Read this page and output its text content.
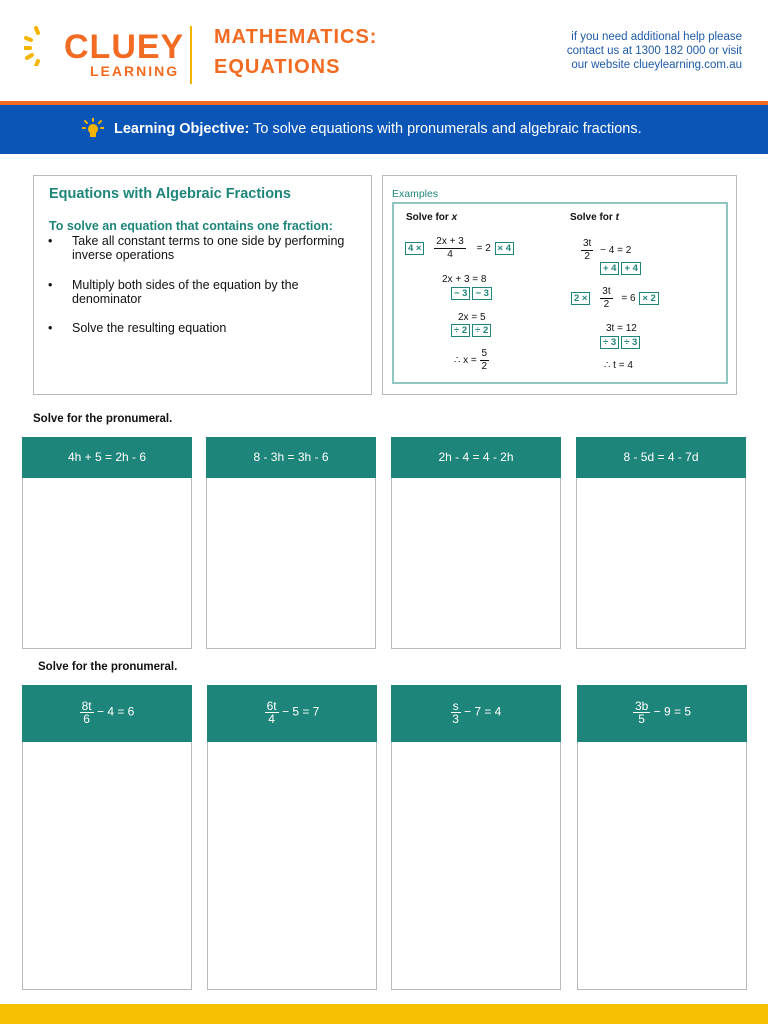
CLUEY
LEARNING
MATHEMATICS:
EQUATIONS
if you need additional help please
contact us at 1300 182 000 or visit
our website clueylearning.com.au
Learning Objective: To solve equations with pronumerals and algebraic fractions.
Equations with Algebraic Fractions
To solve an equation that contains one fraction:
• Take all constant terms to one side by performing inverse operations
• Multiply both sides of the equation by the denominator
• Solve the resulting equation
Examples
Solve for x
$4 \times \frac{2x + 3}{4} = 2 \times 4$
2x + 3 = 8
− 3 − 3
2x = 5
÷ 2 ÷ 2
∴ $x = \frac{5}{2}$
Solve for t
$\frac{3t}{2} - 4 = 2$
+ 4 + 4
$2 \times \frac{3t}{2} = 6 \times 2$
3t = 12
÷ 3 ÷ 3
∴ t = 4
Solve for the pronumeral.
4h + 5 = 2h - 6	8 - 3h = 3h - 6	2h - 4 = 4 - 2h	8 - 5d = 4 - 7d
Solve for the pronumeral.
$\frac{8t}{6} - 4 = 6$	$\frac{6t}{4} - 5 = 7$	$\frac{s}{3} - 7 = 4$	$\frac{3b}{5} - 9 = 5$
